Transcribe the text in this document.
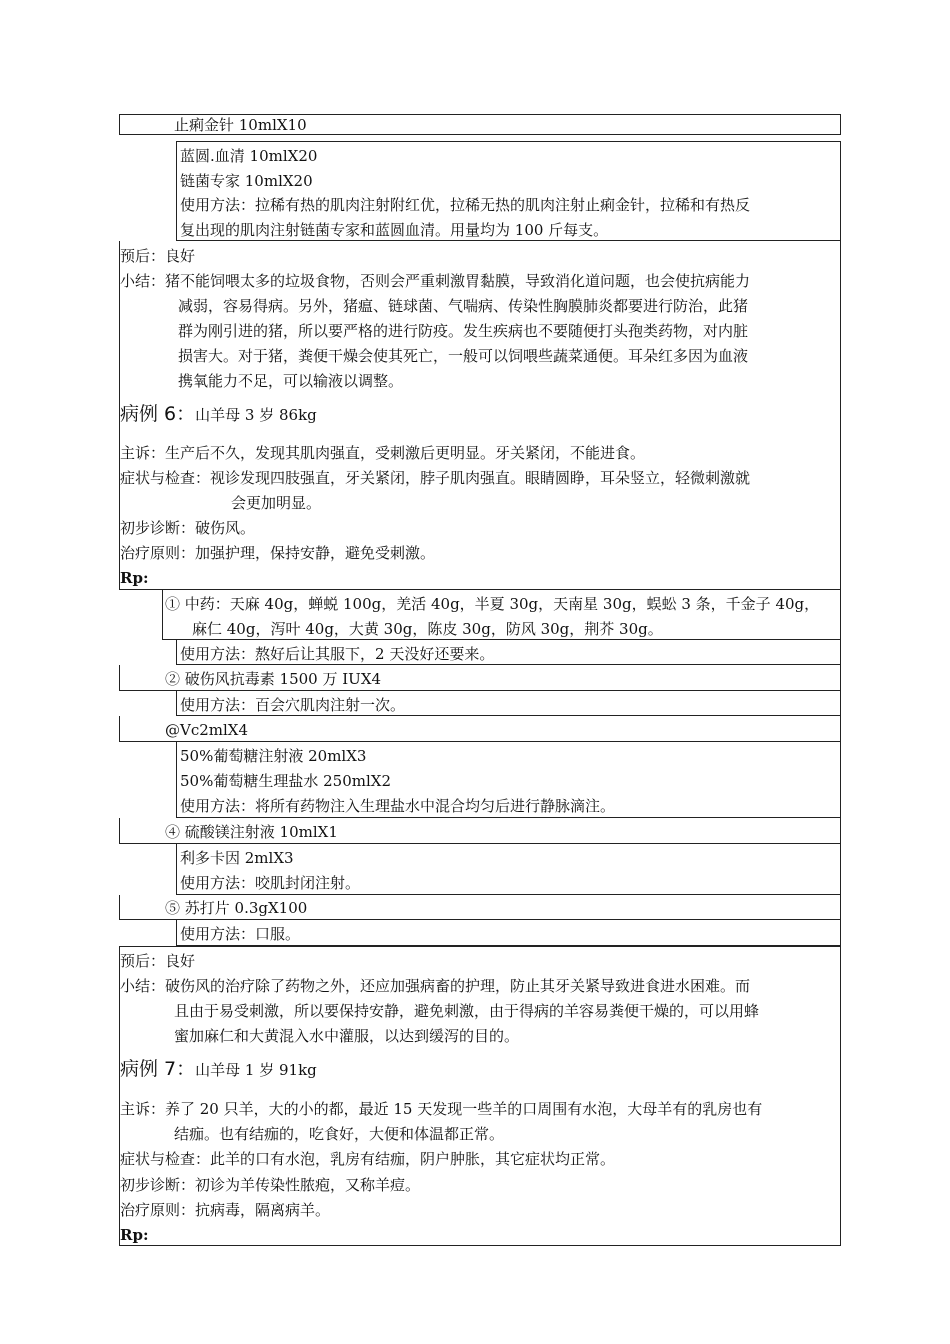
止痢金针 10mlX10
蓝圆.血清 10mlX20
链菌专家 10mlX20
使用方法：拉稀有热的肌肉注射附红优，拉稀无热的肌肉注射止痢金针，拉稀和有热反
复出现的肌肉注射链菌专家和蓝圆血清。用量均为 100 斤每支。
预后：良好
小结：猪不能饲喂太多的垃圾食物，否则会严重刺激胃黏膜，导致消化道问题，也会使抗病能力
减弱，容易得病。另外，猪瘟、链球菌、气喘病、传染性胸膜肺炎都要进行防治，此猪
群为刚引进的猪，所以要严格的进行防疫。发生疾病也不要随便打头孢类药物，对内脏
损害大。对于猪，粪便干燥会使其死亡，一般可以饲喂些蔬菜通便。耳朵红多因为血液
携氧能力不足，可以输液以调整。
病例 6：山羊母 3 岁 86kg
主诉：生产后不久，发现其肌肉强直，受刺激后更明显。牙关紧闭，不能进食。
症状与检查：视诊发现四肢强直，牙关紧闭，脖子肌肉强直。眼睛圆睁，耳朵竖立，轻微刺激就
会更加明显。
初步诊断：破伤风。
治疗原则：加强护理，保持安静，避免受刺激。
Rp:
① 中药：天麻 40g，蝉蜕 100g，羌活 40g，半夏 30g，天南星 30g，蜈蚣 3 条，千金子 40g，
麻仁 40g，泻叶 40g，大黄 30g，陈皮 30g，防风 30g，荆芥 30g。
使用方法：熬好后让其服下，2 天没好还要来。
② 破伤风抗毒素 1500 万 IUX4
使用方法：百会穴肌肉注射一次。
@Vc2mlX4
50%葡萄糖注射液 20mlX3
50%葡萄糖生理盐水 250mlX2
使用方法：将所有药物注入生理盐水中混合均匀后进行静脉滴注。
④ 硫酸镁注射液 10mlX1
利多卡因 2mlX3
使用方法：咬肌封闭注射。
⑤ 苏打片 0.3gX100
使用方法：口服。
预后：良好
小结：破伤风的治疗除了药物之外，还应加强病畜的护理，防止其牙关紧导致进食进水困难。而
且由于易受刺激，所以要保持安静，避免刺激，由于得病的羊容易粪便干燥的，可以用蜂
蜜加麻仁和大黄混入水中灌服，以达到缓泻的目的。
病例 7：山羊母 1 岁 91kg
主诉：养了 20 只羊，大的小的都，最近 15 天发现一些羊的口周围有水泡，大母羊有的乳房也有
结痂。也有结痂的，吃食好，大便和体温都正常。
症状与检查：此羊的口有水泡，乳房有结痂，阴户肿胀，其它症状均正常。
初步诊断：初诊为羊传染性脓疱，又称羊痘。
治疗原则：抗病毒，隔离病羊。
Rp:
